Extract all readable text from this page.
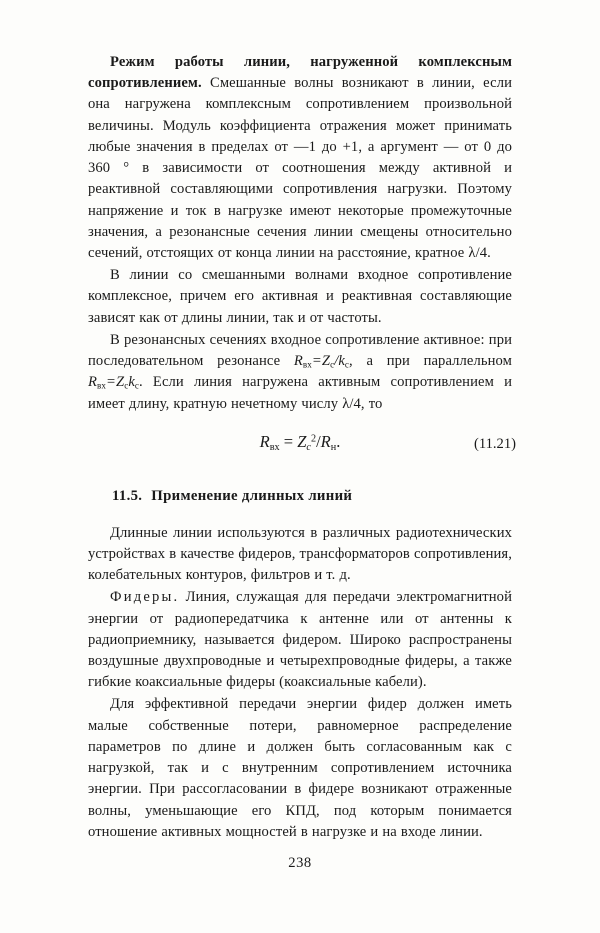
Режим работы линии, нагруженной комплексным сопротивлением. Смешанные волны возникают в линии, если она нагружена комплексным сопротивлением произвольной величины. Модуль коэффициента отражения может принимать любые значения в пределах от —1 до +1, а аргумент — от 0 до 360 ° в зависимости от соотношения между активной и реактивной составляющими сопротивления нагрузки. Поэтому напряжение и ток в нагрузке имеют некоторые промежуточные значения, а резонансные сечения линии смещены относительно сечений, отстоящих от конца линии на расстояние, кратное λ/4.

В линии со смешанными волнами входное сопротивление комплексное, причем его активная и реактивная составляющие зависят как от длины линии, так и от частоты.

В резонансных сечениях входное сопротивление активное: при последовательном резонансе $R_{вх}=Z_c/k_c$, а при параллельном $R_{вх}=Z_ck_c$. Если линия нагружена активным сопротивлением и имеет длину, кратную нечетному числу λ/4, то

$R_{вх} = Z_c^2/R_н$.	(11.21)
11.5. Применение длинных линий

Длинные линии используются в различных радиотехнических устройствах в качестве фидеров, трансформаторов сопротивления, колебательных контуров, фильтров и т. д.

Фидеры. Линия, служащая для передачи электромагнитной энергии от радиопередатчика к антенне или от антенны к радиоприемнику, называется фидером. Широко распространены воздушные двухпроводные и четырехпроводные фидеры, а также гибкие коаксиальные фидеры (коаксиальные кабели).

Для эффективной передачи энергии фидер должен иметь малые собственные потери, равномерное распределение параметров по длине и должен быть согласованным как с нагрузкой, так и с внутренним сопротивлением источника энергии. При рассогласовании в фидере возникают отраженные волны, уменьшающие его КПД, под которым понимается отношение активных мощностей в нагрузке и на входе линии.

238
